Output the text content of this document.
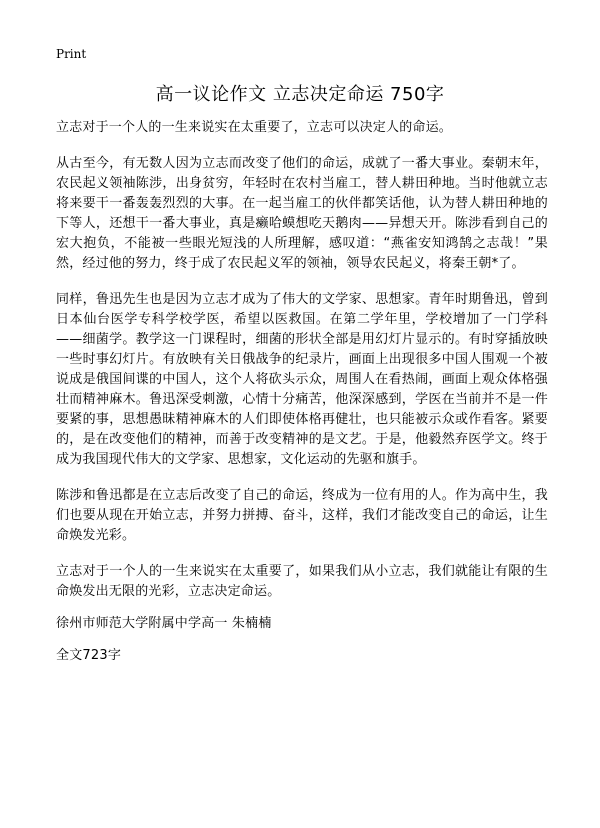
Print
高一议论作文 立志决定命运 750字

立志对于一个人的一生来说实在太重要了，立志可以决定人的命运。

从古至今，有无数人因为立志而改变了他们的命运，成就了一番大事业。秦朝末年，农民起义领袖陈涉，出身贫穷，年轻时在农村当雇工，替人耕田种地。当时他就立志将来要干一番轰轰烈烈的大事。在一起当雇工的伙伴都笑话他，认为替人耕田种地的下等人，还想干一番大事业，真是癞哈蟆想吃天鹅肉——异想天开。陈涉看到自己的宏大抱负，不能被一些眼光短浅的人所理解，感叹道：“燕雀安知鸿鹄之志哉！”果然，经过他的努力，终于成了农民起义军的领袖，领导农民起义，将秦王朝*了。

同样，鲁迅先生也是因为立志才成为了伟大的文学家、思想家。青年时期鲁迅，曾到日本仙台医学专科学校学医，希望以医救国。在第二学年里，学校增加了一门学科——细菌学。教学这一门课程时，细菌的形状全部是用幻灯片显示的。有时穿插放映一些时事幻灯片。有放映有关日俄战争的纪录片，画面上出现很多中国人围观一个被说成是俄国间谍的中国人，这个人将砍头示众，周围人在看热闹，画面上观众体格强壮而精神麻木。鲁迅深受刺激，心情十分痛苦，他深深感到，学医在当前并不是一件要紧的事，思想愚昧精神麻木的人们即使体格再健壮，也只能被示众或作看客。紧要的，是在改变他们的精神，而善于改变精神的是文艺。于是，他毅然弃医学文。终于成为我国现代伟大的文学家、思想家，文化运动的先驱和旗手。

陈涉和鲁迅都是在立志后改变了自己的命运，终成为一位有用的人。作为高中生，我们也要从现在开始立志，并努力拼搏、奋斗，这样，我们才能改变自己的命运，让生命焕发光彩。

立志对于一个人的一生来说实在太重要了，如果我们从小立志，我们就能让有限的生命焕发出无限的光彩，立志决定命运。

徐州市师范大学附属中学高一 朱楠楠

全文723字
